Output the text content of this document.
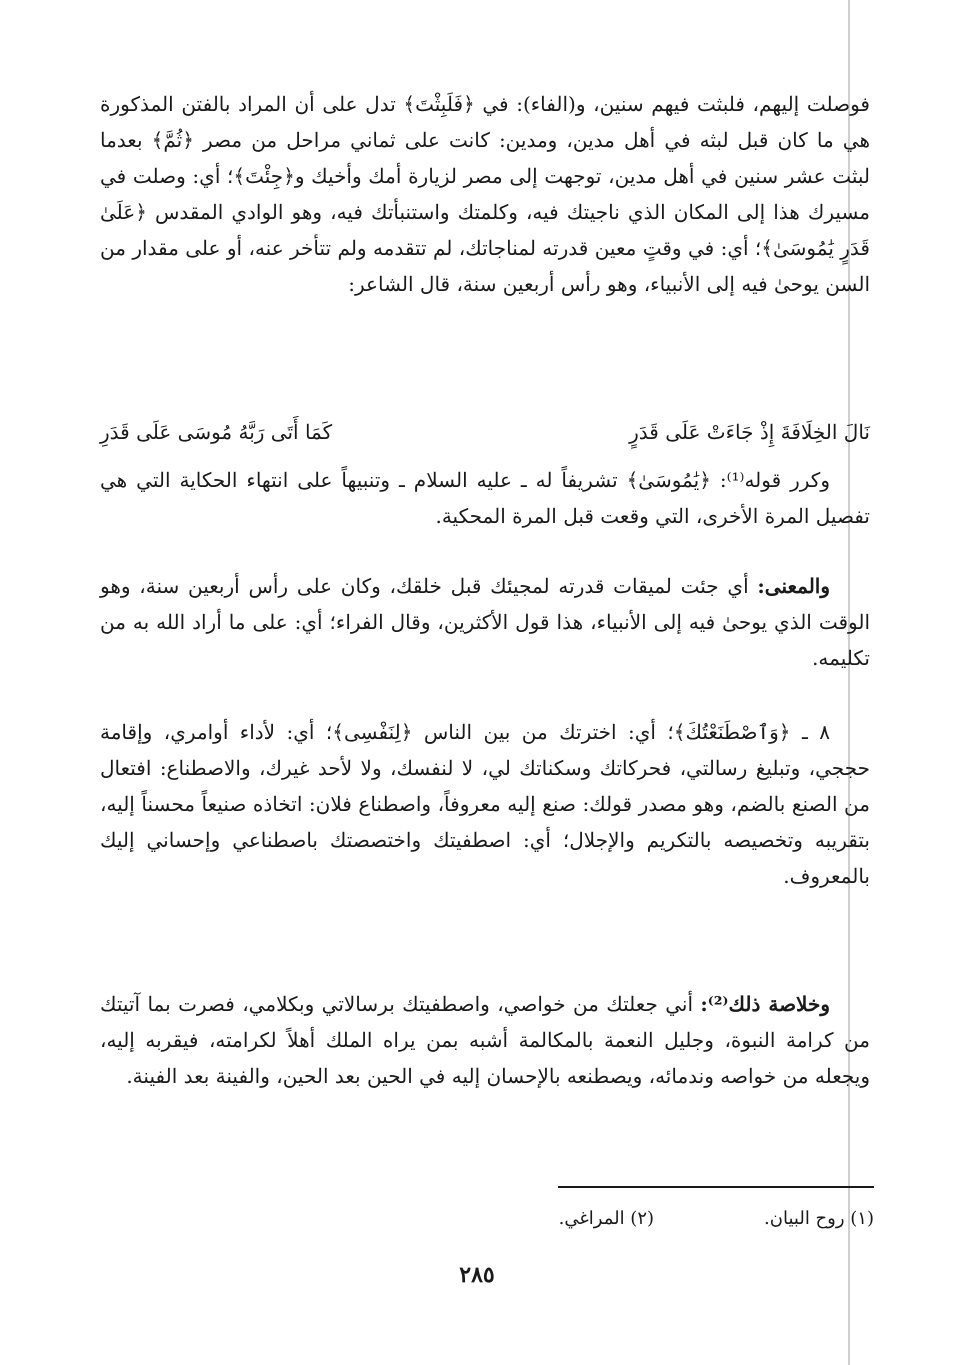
فوصلت إليهم، فلبثت فيهم سنين، و(الفاء): في ﴿فَلَبِثْتَ﴾ تدل على أن المراد بالفتن المذكورة هي ما كان قبل لبثه في أهل مدين، ومدين: كانت على ثماني مراحل من مصر ﴿ثُمَّ﴾ بعدما لبثت عشر سنين في أهل مدين، توجهت إلى مصر لزيارة أمك وأخيك و﴿جِئْتَ﴾؛ أي: وصلت في مسيرك هذا إلى المكان الذي ناجيتك فيه، وكلمتك واستنبأتك فيه، وهو الوادي المقدس ﴿عَلَىٰ قَدَرٍ يَٰمُوسَىٰ﴾؛ أي: في وقتٍ معين قدرته لمناجاتك، لم تتقدمه ولم تتأخر عنه، أو على مقدار من السن يوحىٰ فيه إلى الأنبياء، وهو رأس أربعين سنة، قال الشاعر:

نَالَ الخِلَافَةَ إِذْ جَاءَتْ عَلَى قَدَرٍ
كَمَا أَتَى رَبَّهُ مُوسَى عَلَى قَدَرِ

وكرر قوله⁽¹⁾: ﴿يَٰمُوسَىٰ﴾ تشريفاً له ـ عليه السلام ـ وتنبيهاً على انتهاء الحكاية التي هي تفصيل المرة الأخرى، التي وقعت قبل المرة المحكية.

والمعنى: أي جئت لميقات قدرته لمجيئك قبل خلقك، وكان على رأس أربعين سنة، وهو الوقت الذي يوحىٰ فيه إلى الأنبياء، هذا قول الأكثرين، وقال الفراء؛ أي: على ما أراد الله به من تكليمه.

٨ ـ ﴿وَٱصْطَنَعْتُكَ﴾؛ أي: اخترتك من بين الناس ﴿لِنَفْسِى﴾؛ أي: لأداء أوامري، وإقامة حججي، وتبليغ رسالتي، فحركاتك وسكناتك لي، لا لنفسك، ولا لأحد غيرك، والاصطناع: افتعال من الصنع بالضم، وهو مصدر قولك: صنع إليه معروفاً، واصطناع فلان: اتخاذه صنيعاً محسناً إليه، بتقريبه وتخصيصه بالتكريم والإجلال؛ أي: اصطفيتك واختصصتك باصطناعي وإحساني إليك بالمعروف.

وخلاصة ذلك⁽²⁾: أني جعلتك من خواصي، واصطفيتك برسالاتي وبكلامي، فصرت بما آتيتك من كرامة النبوة، وجليل النعمة بالمكالمة أشبه بمن يراه الملك أهلاً لكرامته، فيقربه إليه، ويجعله من خواصه وندمائه، ويصطنعه بالإحسان إليه في الحين بعد الحين، والفينة بعد الفينة.

(١) روح البيان.
(٢) المراغي.
٢٨٥
